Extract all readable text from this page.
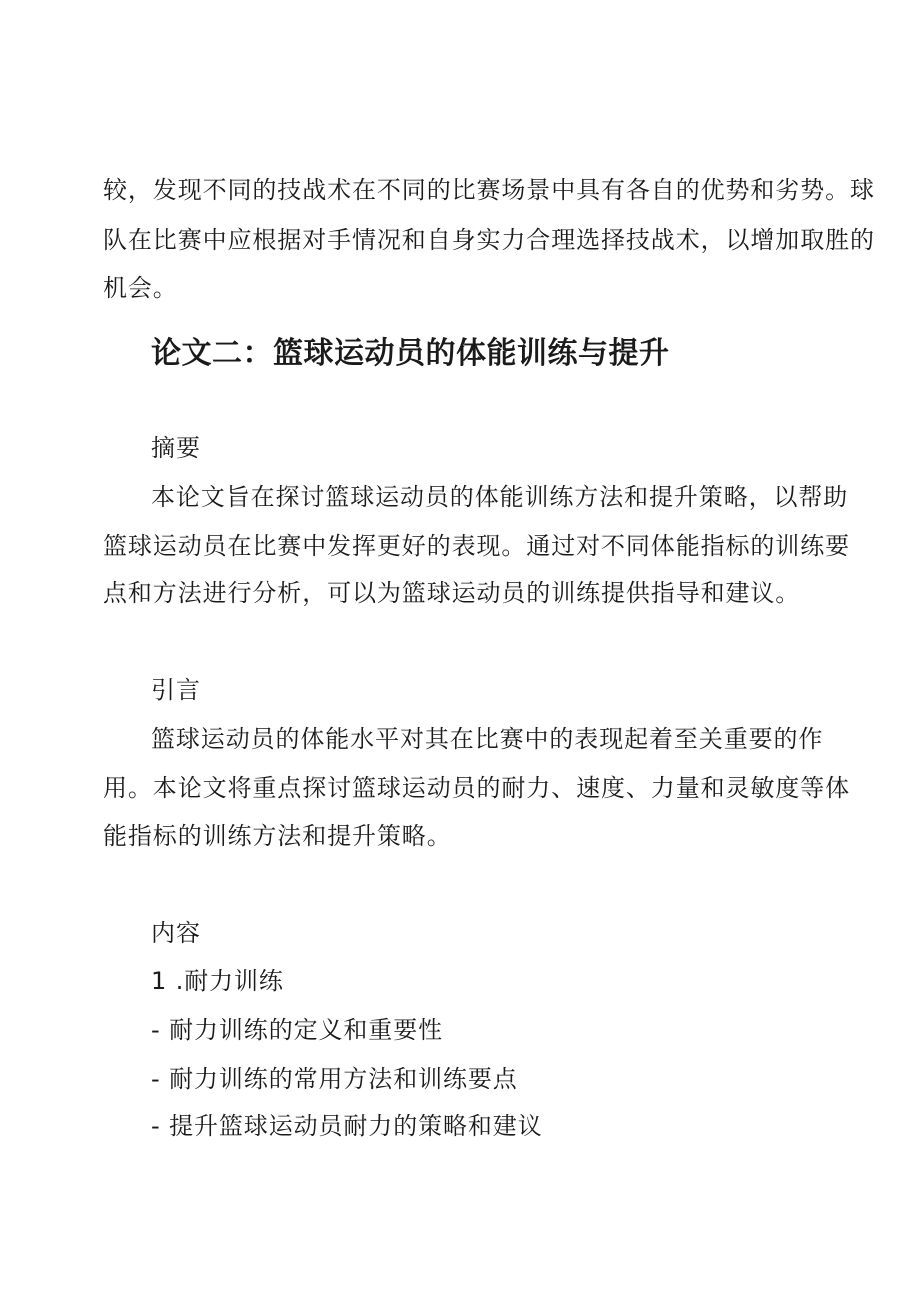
较，发现不同的技战术在不同的比赛场景中具有各自的优势和劣势。球
队在比赛中应根据对手情况和自身实力合理选择技战术，以增加取胜的
机会。
论文二：篮球运动员的体能训练与提升
摘要
本论文旨在探讨篮球运动员的体能训练方法和提升策略，以帮助
篮球运动员在比赛中发挥更好的表现。通过对不同体能指标的训练要
点和方法进行分析，可以为篮球运动员的训练提供指导和建议。
引言
篮球运动员的体能水平对其在比赛中的表现起着至关重要的作
用。本论文将重点探讨篮球运动员的耐力、速度、力量和灵敏度等体
能指标的训练方法和提升策略。
内容
1 .耐力训练
- 耐力训练的定义和重要性
- 耐力训练的常用方法和训练要点
- 提升篮球运动员耐力的策略和建议
